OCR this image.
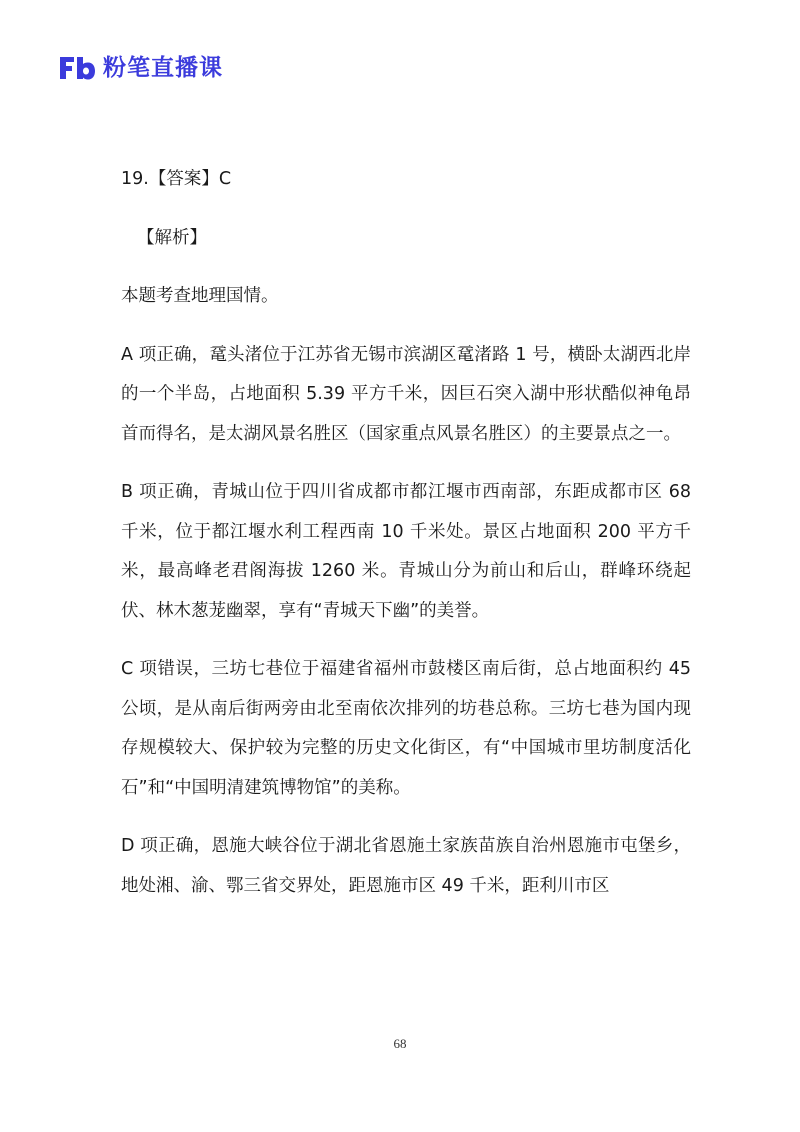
粉笔直播课

19.【答案】C

【解析】

本题考查地理国情。

A 项正确，鼋头渚位于江苏省无锡市滨湖区鼋渚路 1 号，横卧太湖西北岸的一个半岛，占地面积 5.39 平方千米，因巨石突入湖中形状酷似神龟昂首而得名，是太湖风景名胜区（国家重点风景名胜区）的主要景点之一。

B 项正确，青城山位于四川省成都市都江堰市西南部，东距成都市区 68 千米，位于都江堰水利工程西南 10 千米处。景区占地面积 200 平方千米，最高峰老君阁海拔 1260 米。青城山分为前山和后山，群峰环绕起伏、林木葱茏幽翠，享有“青城天下幽”的美誉。

C 项错误，三坊七巷位于福建省福州市鼓楼区南后街，总占地面积约 45 公顷，是从南后街两旁由北至南依次排列的坊巷总称。三坊七巷为国内现存规模较大、保护较为完整的历史文化街区，有“中国城市里坊制度活化石”和“中国明清建筑博物馆”的美称。

D 项正确，恩施大峡谷位于湖北省恩施土家族苗族自治州恩施市屯堡乡，地处湘、渝、鄂三省交界处，距恩施市区 49 千米，距利川市区

68
